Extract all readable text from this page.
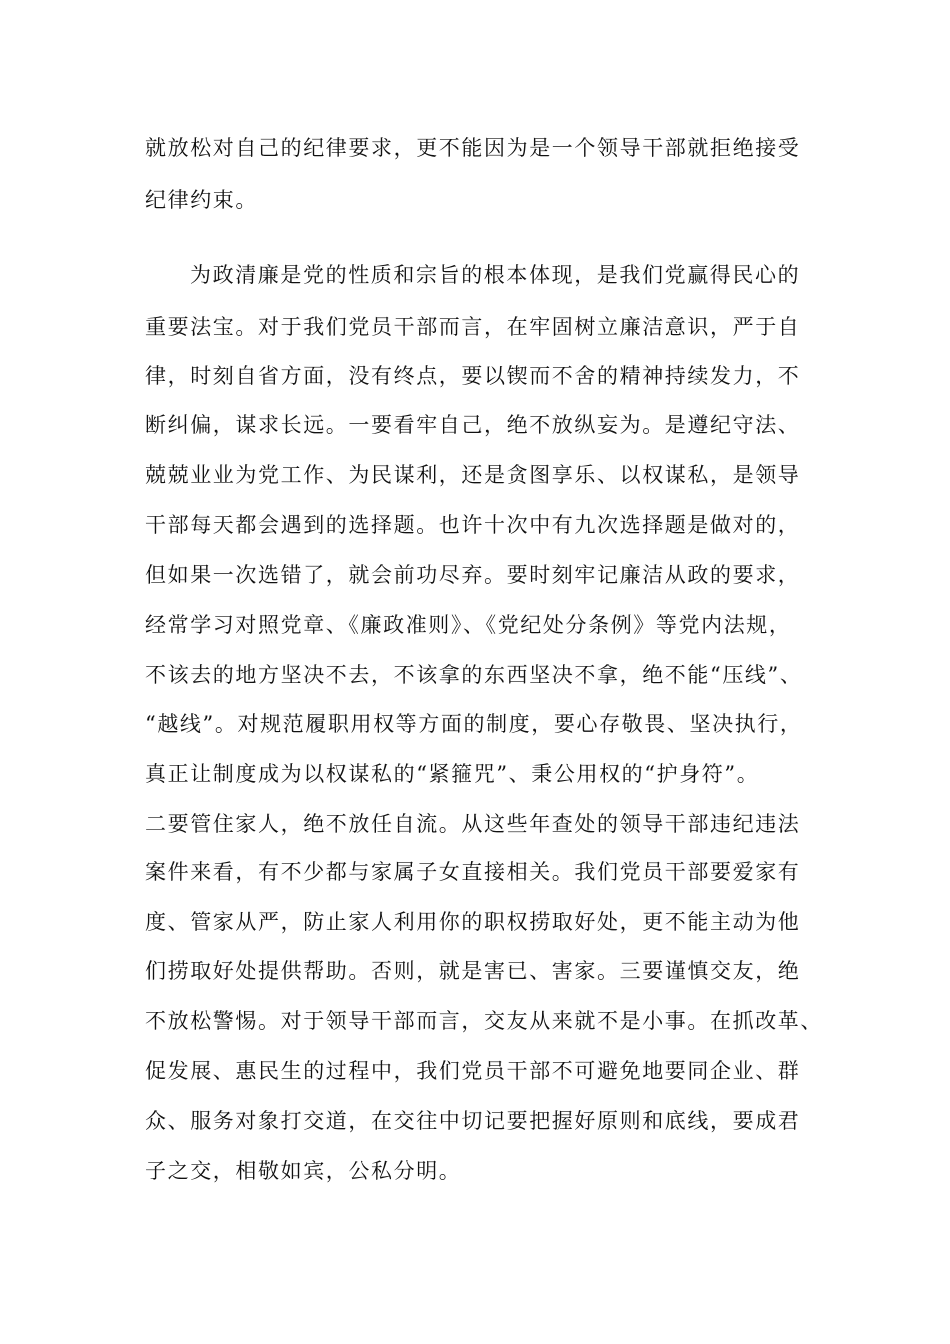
就放松对自己的纪律要求，更不能因为是一个领导干部就拒绝接受
纪律约束。
为政清廉是党的性质和宗旨的根本体现，是我们党赢得民心的
重要法宝。对于我们党员干部而言，在牢固树立廉洁意识，严于自
律，时刻自省方面，没有终点，要以锲而不舍的精神持续发力，不
断纠偏，谋求长远。一要看牢自己，绝不放纵妄为。是遵纪守法、
兢兢业业为党工作、为民谋利，还是贪图享乐、以权谋私，是领导
干部每天都会遇到的选择题。也许十次中有九次选择题是做对的，
但如果一次选错了，就会前功尽弃。要时刻牢记廉洁从政的要求，
经常学习对照党章、《廉政准则》、《党纪处分条例》等党内法规，
不该去的地方坚决不去，不该拿的东西坚决不拿，绝不能“压线”、
“越线”。对规范履职用权等方面的制度，要心存敬畏、坚决执行，
真正让制度成为以权谋私的“紧箍咒”、秉公用权的“护身符”。
二要管住家人，绝不放任自流。从这些年查处的领导干部违纪违法
案件来看，有不少都与家属子女直接相关。我们党员干部要爱家有
度、管家从严，防止家人利用你的职权捞取好处，更不能主动为他
们捞取好处提供帮助。否则，就是害已、害家。三要谨慎交友，绝
不放松警惕。对于领导干部而言，交友从来就不是小事。在抓改革、
促发展、惠民生的过程中，我们党员干部不可避免地要同企业、群
众、服务对象打交道，在交往中切记要把握好原则和底线，要成君
子之交，相敬如宾，公私分明。
